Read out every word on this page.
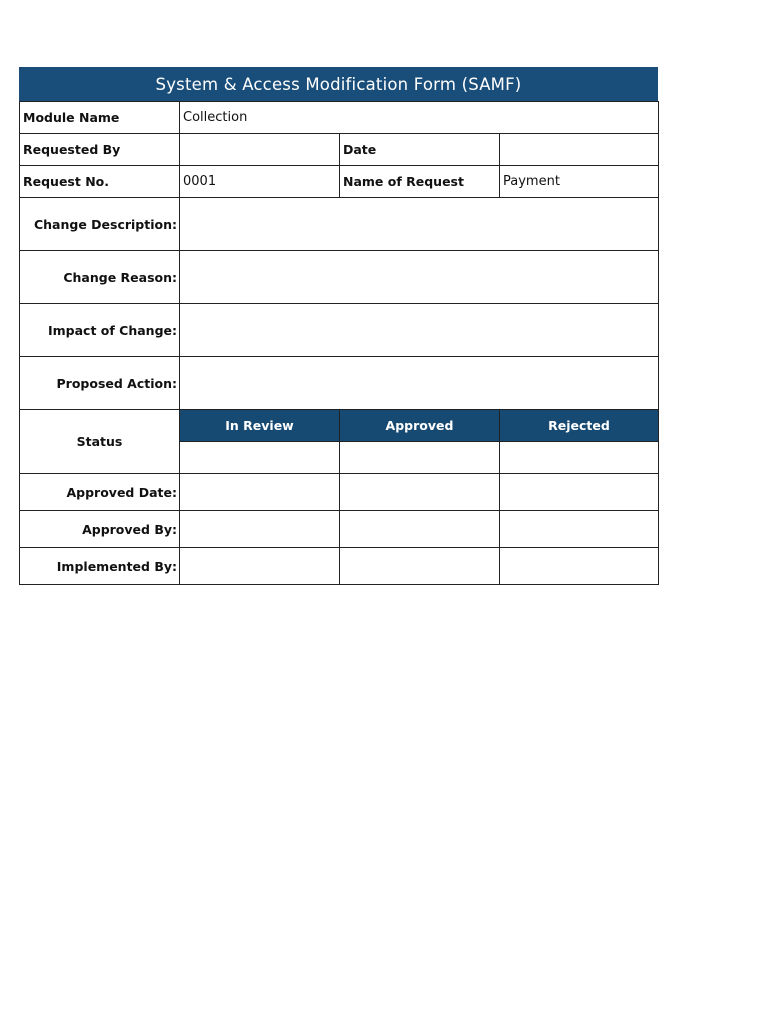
System & Access Modification Form (SAMF)
Module Name	Collection		
Requested By		Date	
Request No.	0001	Name of Request	Payment
Change Description:			
Change Reason:			
Impact of Change:			
Proposed Action:			
Status	In Review	Approved	Rejected

Approved Date:			
Approved By:			
Implemented By:			
